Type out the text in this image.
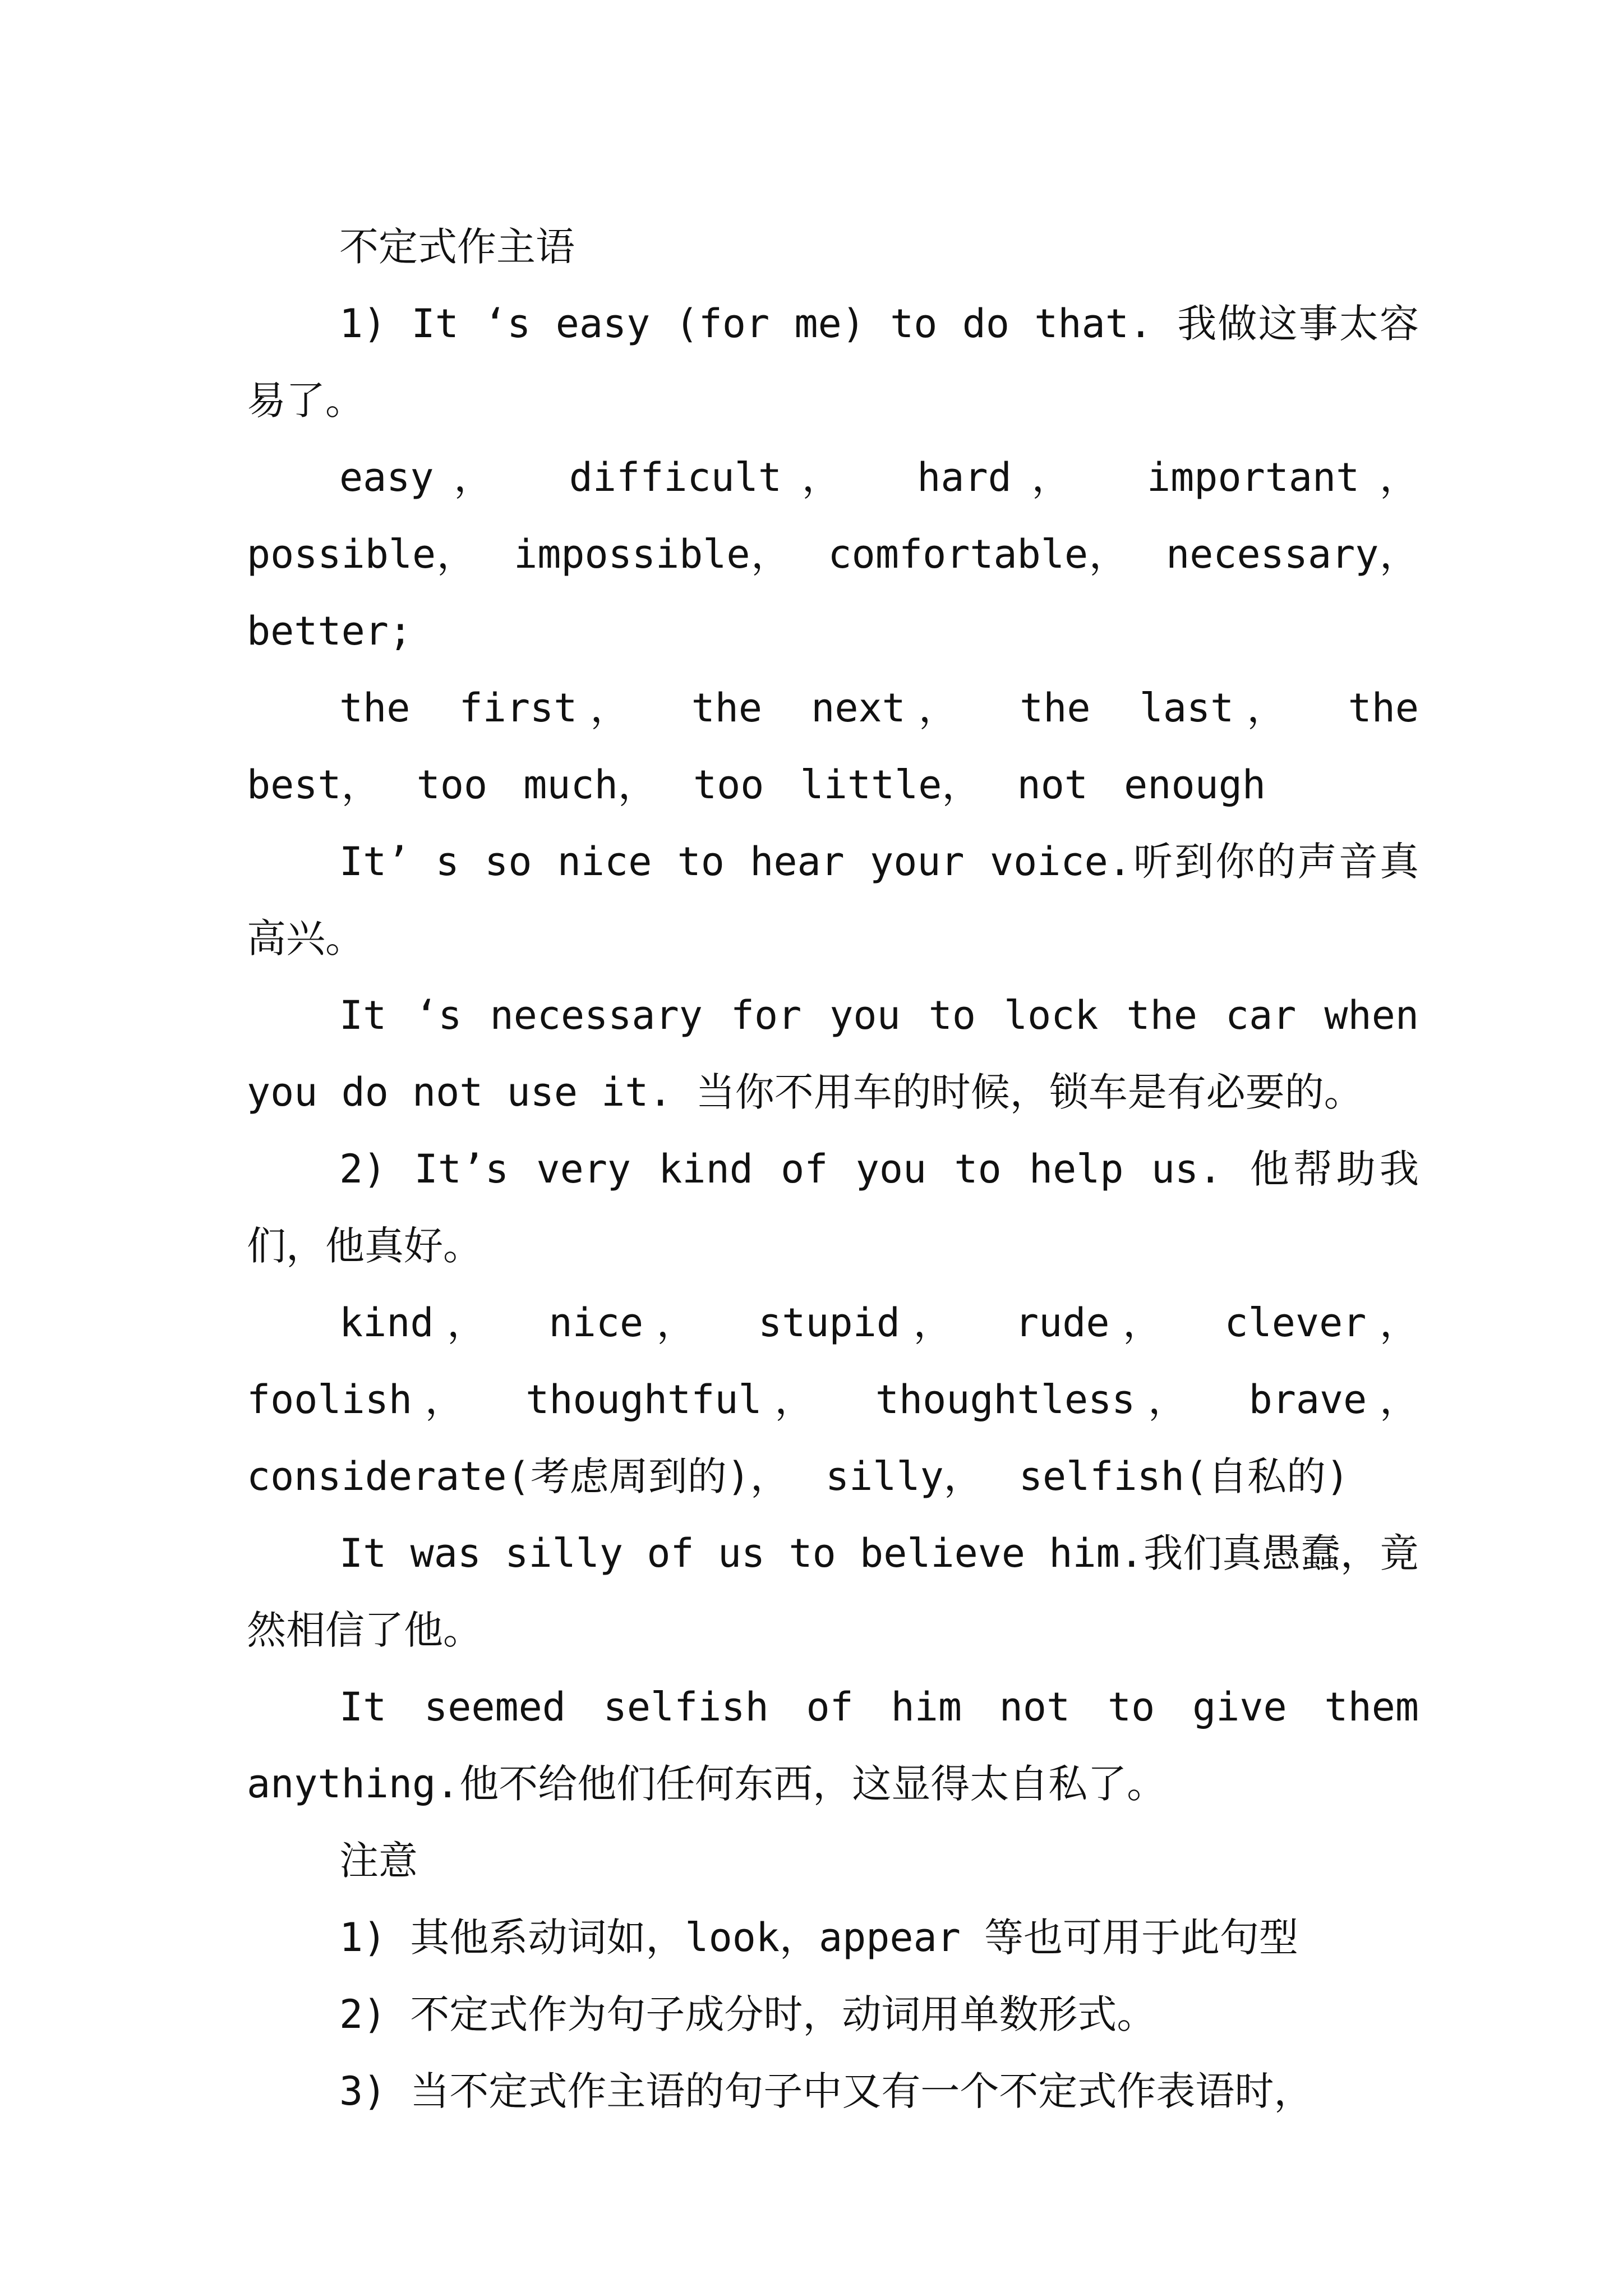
不定式作主语

1) It ‘s easy (for me) to do that. 我做这事太容易了。

easy， difficult， hard， important， possible， impossible， comfortable， necessary， better;

the first， the next， the last， the best， too much， too little， not enough

It’ s so nice to hear your voice.听到你的声音真高兴。

It ‘s necessary for you to lock the car when you do not use it. 当你不用车的时候，锁车是有必要的。

2) It’s very kind of you to help us. 他帮助我们，他真好。

kind， nice， stupid， rude， clever， foolish， thoughtful， thoughtless， brave， considerate(考虑周到的)， silly， selfish(自私的)

It was silly of us to believe him.我们真愚蠢，竟然相信了他。

It seemed selfish of him not to give them anything.他不给他们任何东西，这显得太自私了。

注意

1) 其他系动词如，look，appear 等也可用于此句型

2) 不定式作为句子成分时，动词用单数形式。

3) 当不定式作主语的句子中又有一个不定式作表语时，
